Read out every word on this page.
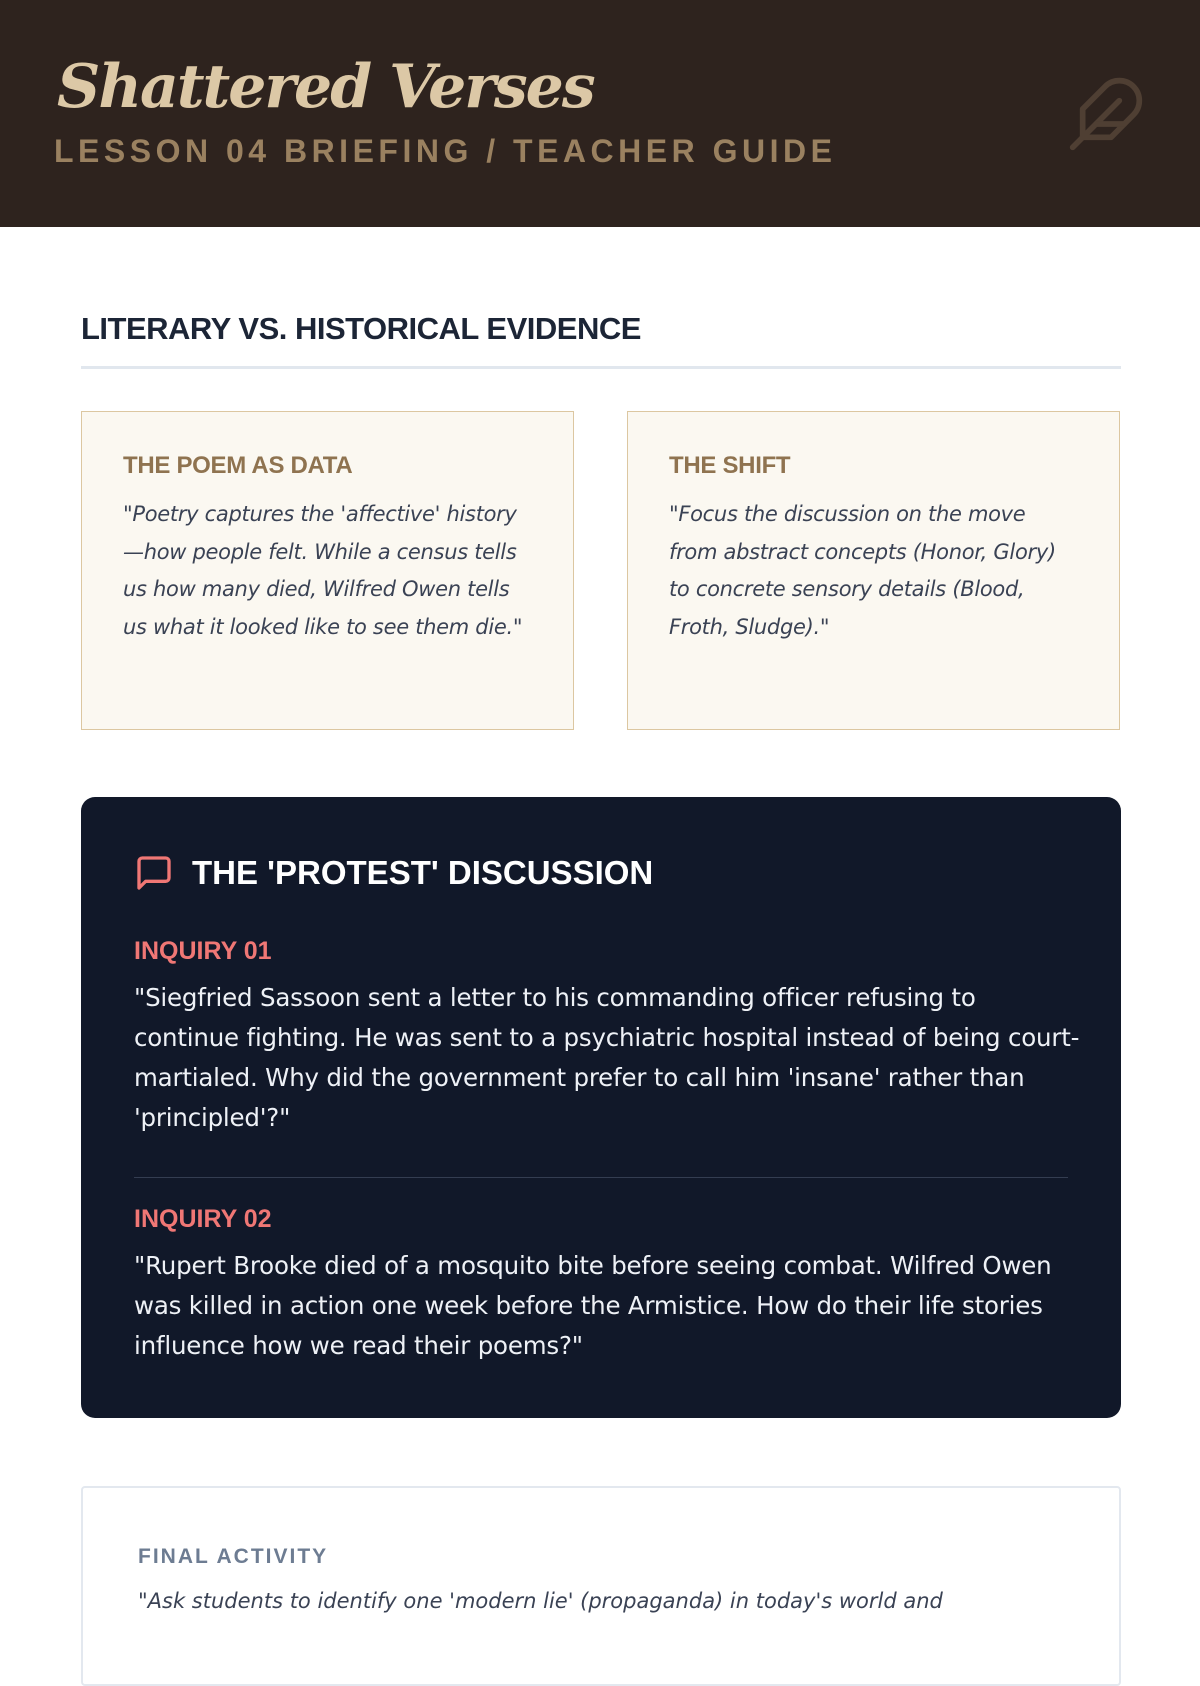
Shattered Verses
LESSON 04 BRIEFING / TEACHER GUIDE
LITERARY VS. HISTORICAL EVIDENCE
THE POEM AS DATA
"Poetry captures the 'affective' history—how people felt. While a census tells us how many died, Wilfred Owen tells us what it looked like to see them die."
THE SHIFT
"Focus the discussion on the move from abstract concepts (Honor, Glory) to concrete sensory details (Blood, Froth, Sludge)."
THE 'PROTEST' DISCUSSION
INQUIRY 01
"Siegfried Sassoon sent a letter to his commanding officer refusing to continue fighting. He was sent to a psychiatric hospital instead of being court-martialed. Why did the government prefer to call him 'insane' rather than 'principled'?"
INQUIRY 02
"Rupert Brooke died of a mosquito bite before seeing combat. Wilfred Owen was killed in action one week before the Armistice. How do their life stories influence how we read their poems?"
FINAL ACTIVITY
"Ask students to identify one 'modern lie' (propaganda) in today's world and
